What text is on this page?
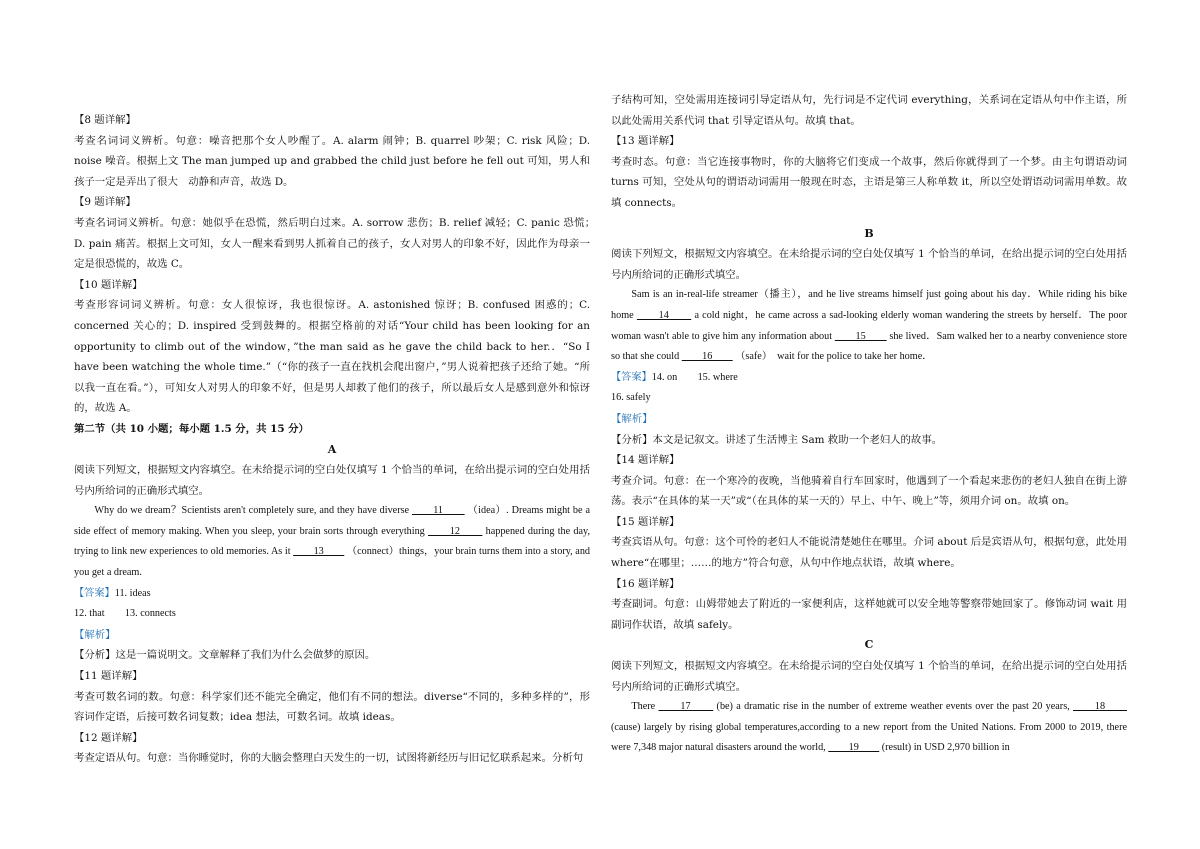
【8 题详解】

考查名词词义辨析。句意：噪音把那个女人吵醒了。A. alarm 闹钟；B. quarrel 吵架；C. risk 风险；D. noise 噪音。根据上文 The man jumped up and grabbed the child just before he fell out 可知，男人和孩子一定是弄出了很大　动静和声音，故选 D。

【9 题详解】

考查名词词义辨析。句意：她似乎在恐慌，然后明白过来。A. sorrow 悲伤；B. relief 减轻；C. panic 恐慌；　D. pain 痛苦。根据上文可知，女人一醒来看到男人抓着自己的孩子，女人对男人的印象不好，因此作为母亲一定是很恐慌的，故选 C。

【10 题详解】

考查形容词词义辨析。句意：女人很惊讶，我也很惊讶。A. astonished 惊讶；B. confused 困惑的；C. concerned 关心的；D. inspired 受到鼓舞的。根据空格前的对话“Your child has been looking for an opportunity to climb out of the window，”the man said as he gave the child back to her.．“So I have been watching the whole time.”（“你的孩子一直在找机会爬出窗户，”男人说着把孩子还给了她。“所以我一直在看。”），可知女人对男人的印象不好，但是男人却救了他们的孩子，所以最后女人是感到意外和惊讶的，故选 A。

第二节（共 10 小题；每小题 1.5 分，共 15 分）

A

阅读下列短文，根据短文内容填空。在未给提示词的空白处仅填写 1 个恰当的单词，在给出提示词的空白处用括号内所给词的正确形式填空。

Why do we dream？Scientists aren't completely sure, and they have diverse 　　11　　 （idea）. Dreams might be a side effect of memory making. When you sleep, your brain sorts through everything 　　12　　 happened during the day, trying to link new experiences to old memories. As it 　　13　　 （connect）things，your brain turns them into a story, and you get a dream.

【答案】11. ideas

12. that　　13. connects

【解析】

【分析】这是一篇说明文。文章解释了我们为什么会做梦的原因。

【11 题详解】

考查可数名词的数。句意：科学家们还不能完全确定，他们有不同的想法。diverse“不同的，多种多样的”，形容词作定语，后接可数名词复数；idea 想法，可数名词。故填 ideas。

【12 题详解】

考查定语从句。句意：当你睡觉时，你的大脑会整理白天发生的一切，试图将新经历与旧记忆联系起来。分析句

子结构可知，空处需用连接词引导定语从句，先行词是不定代词 everything，关系词在定语从句中作主语，所以此处需用关系代词 that 引导定语从句。故填 that。

【13 题详解】

考查时态。句意：当它连接事物时，你的大脑将它们变成一个故事，然后你就得到了一个梦。由主句谓语动词 turns 可知，空处从句的谓语动词需用一般现在时态，主语是第三人称单数 it，所以空处谓语动词需用单数。故填 connects。

B

阅读下列短文，根据短文内容填空。在未给提示词的空白处仅填写 1 个恰当的单词，在给出提示词的空白处用括号内所给词的正确形式填空。

Sam is an in-real-life streamer（播主），and he live streams himself just going about his day．While riding his bike home 　　14　　 a cold night，he came across a sad-looking elderly woman wandering the streets by herself．The poor woman wasn't able to give him any information about 　　15　　 she lived．Sam walked her to a nearby convenience store so that she could 　　16　　 （safe）　wait for the police to take her home．

【答案】14. on　　15. where

16. safely

【解析】

【分析】本文是记叙文。讲述了生活博主 Sam 救助一个老妇人的故事。

【14 题详解】

考查介词。句意：在一个寒冷的夜晚，当他骑着自行车回家时，他遇到了一个看起来悲伤的老妇人独自在街上游荡。表示“在具体的某一天”或“（在具体的某一天的）早上、中午、晚上”等，须用介词 on。故填 on。

【15 题详解】

考查宾语从句。句意：这个可怜的老妇人不能说清楚她住在哪里。介词 about 后是宾语从句，根据句意，此处用 where“在哪里；……的地方”符合句意，从句中作地点状语，故填 where。

【16 题详解】

考查副词。句意：山姆带她去了附近的一家便利店，这样她就可以安全地等警察带她回家了。修饰动词 wait 用副词作状语，故填 safely。

C

阅读下列短文，根据短文内容填空。在未给提示词的空白处仅填写 1 个恰当的单词，在给出提示词的空白处用括号内所给词的正确形式填空。

There 　　17　　 (be) a dramatic rise in the number of extreme weather events over the past 20 years, 　　18　　 (cause) largely by rising global temperatures,according to a new report from the United Nations. From 2000 to 2019, there were 7,348 major natural disasters around the world, 　　19　　 (result) in USD 2,970 billion in
